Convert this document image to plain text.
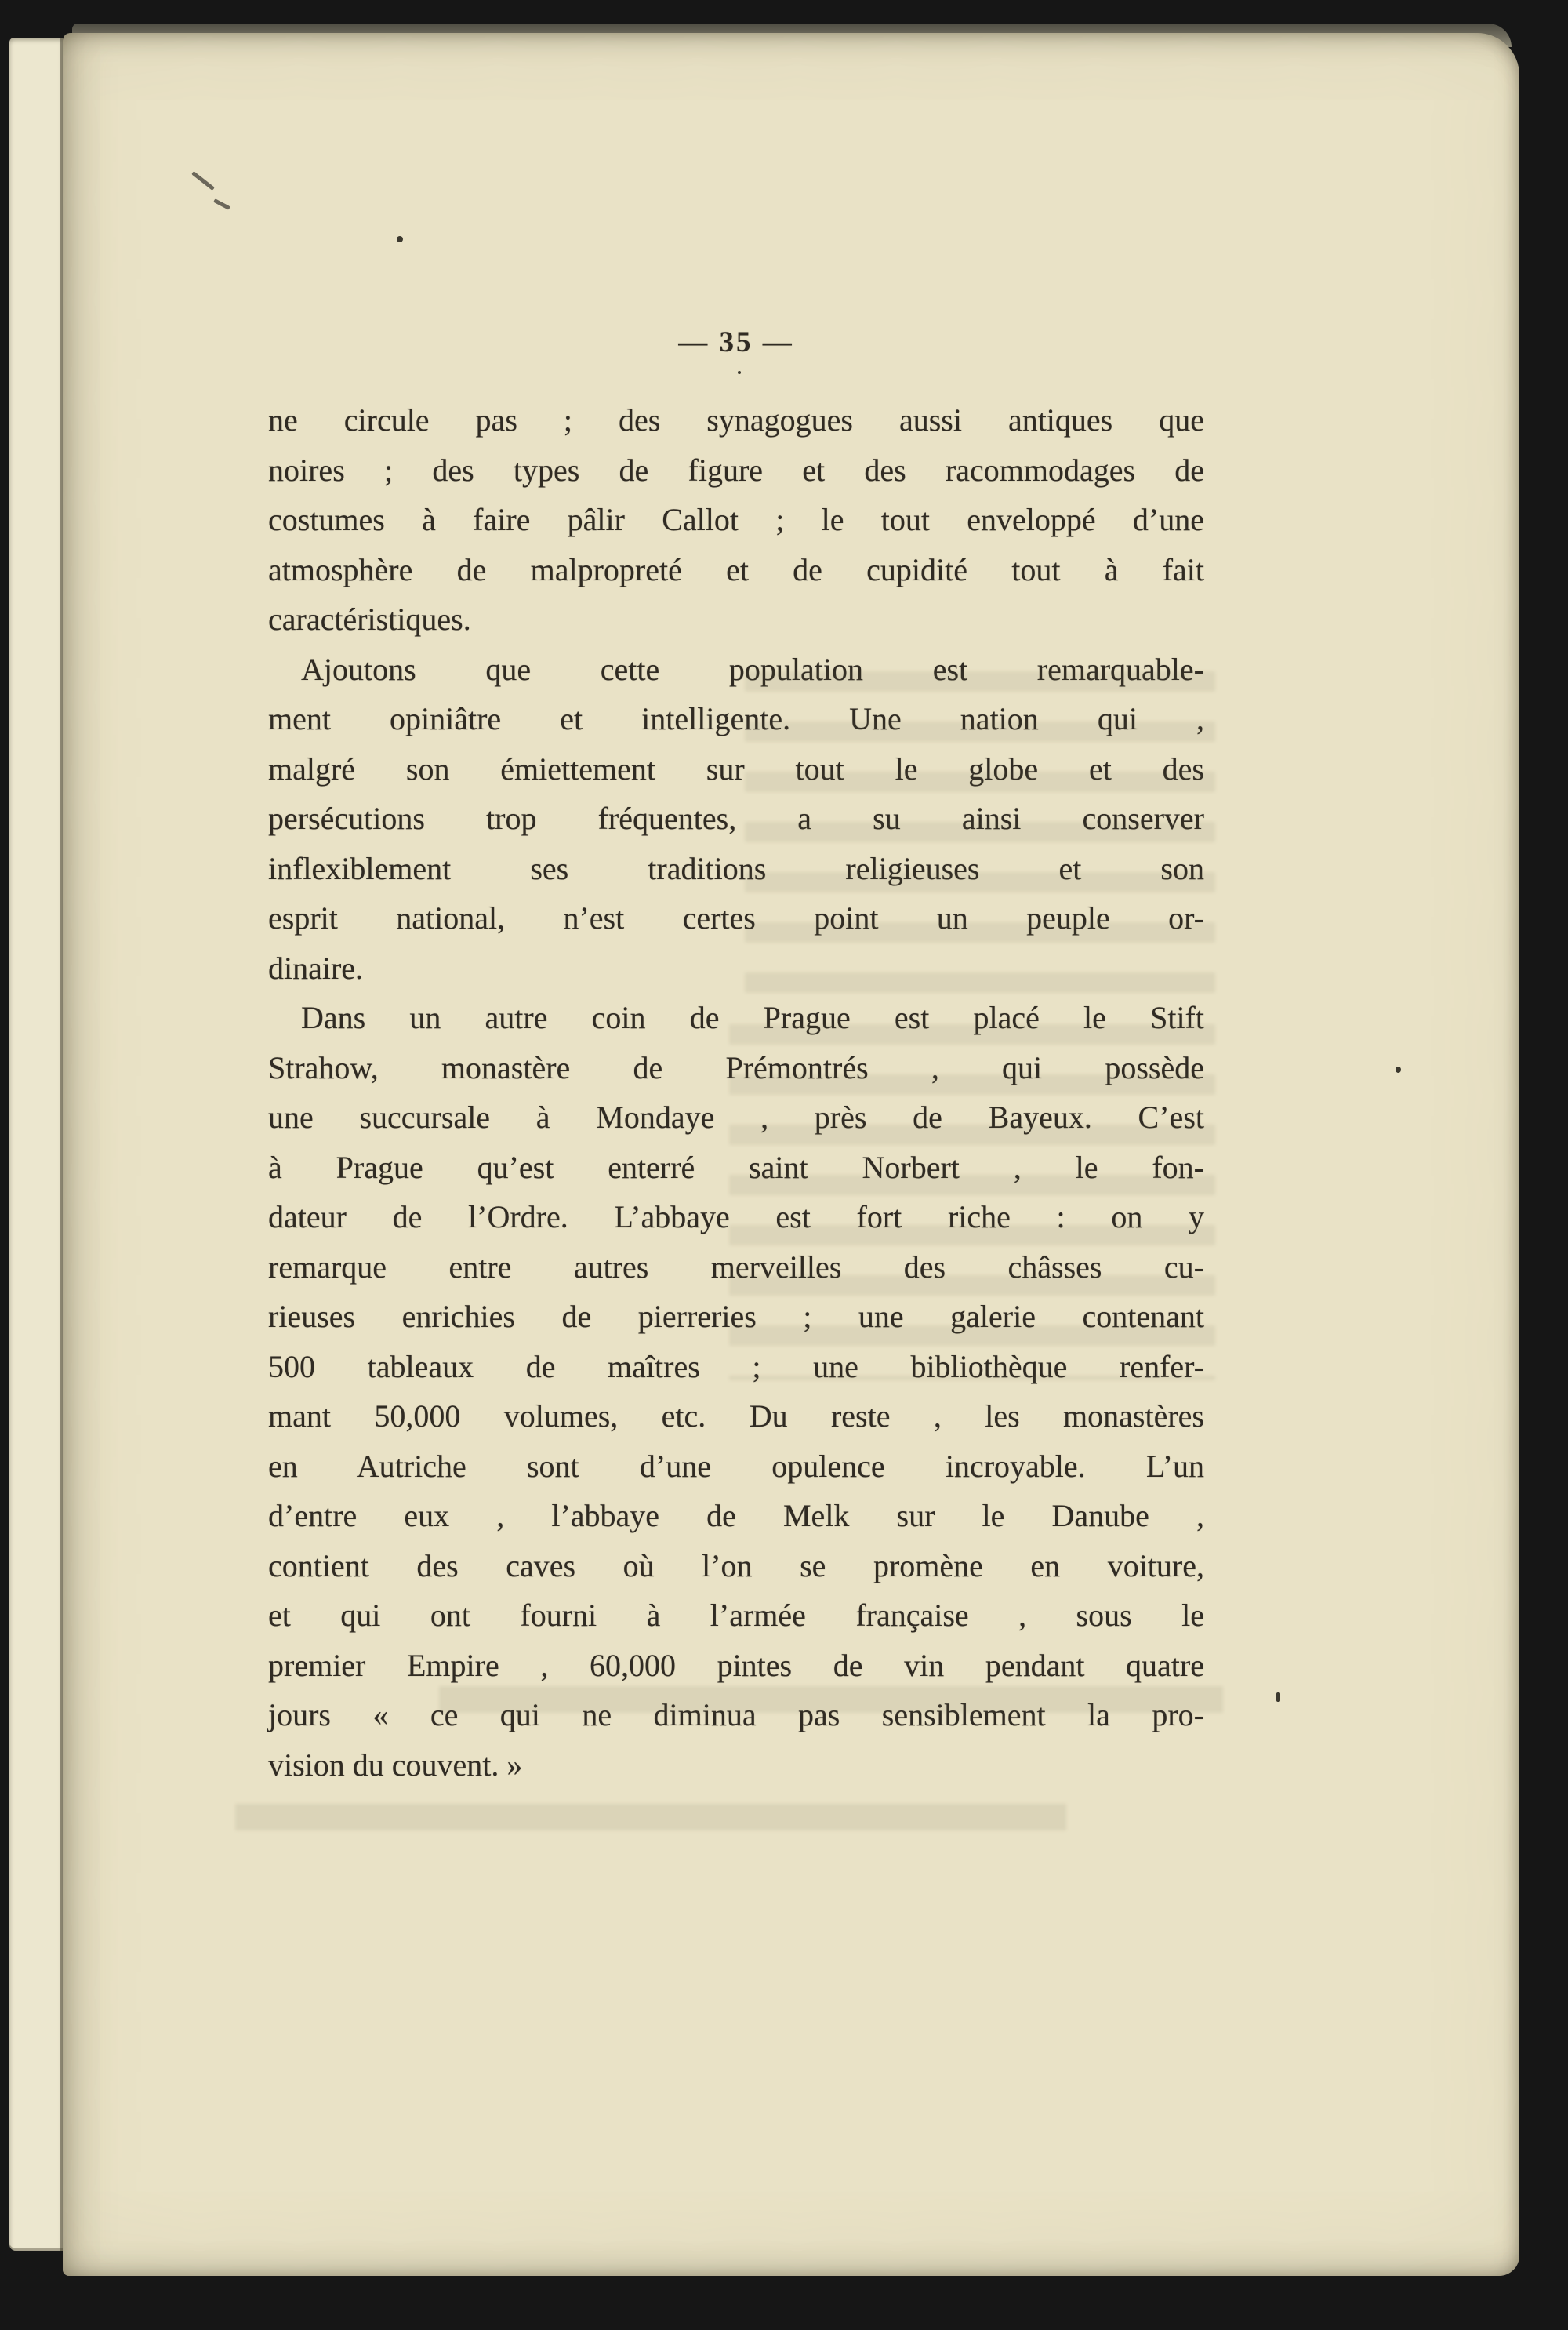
— 35 —
ne circule pas ; des synagogues aussi antiques que
noires ; des types de figure et des racommodages de
costumes à faire pâlir Callot ; le tout enveloppé d’une
atmosphère de malpropreté et de cupidité tout à fait
caractéristiques.
Ajoutons que cette population est remarquable-
ment opiniâtre et intelligente. Une nation qui ,
malgré son émiettement sur tout le globe et des
persécutions trop fréquentes, a su ainsi conserver
inflexiblement ses traditions religieuses et son
esprit national, n’est certes point un peuple or-
dinaire.
Dans un autre coin de Prague est placé le Stift
Strahow, monastère de Prémontrés , qui possède
une succursale à Mondaye , près de Bayeux. C’est
à Prague qu’est enterré saint Norbert , le fon-
dateur de l’Ordre. L’abbaye est fort riche : on y
remarque entre autres merveilles des châsses cu-
rieuses enrichies de pierreries ; une galerie contenant
500 tableaux de maîtres ; une bibliothèque renfer-
mant 50,000 volumes, etc. Du reste , les monastères
en Autriche sont d’une opulence incroyable. L’un
d’entre eux , l’abbaye de Melk sur le Danube ,
contient des caves où l’on se promène en voiture,
et qui ont fourni à l’armée française , sous le
premier Empire , 60,000 pintes de vin pendant quatre
jours « ce qui ne diminua pas sensiblement la pro-
vision du couvent. »
